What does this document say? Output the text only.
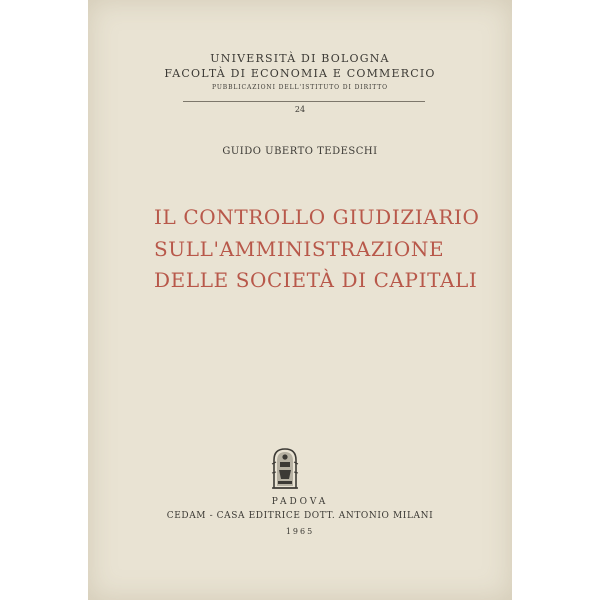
UNIVERSITÀ DI BOLOGNA
FACOLTÀ DI ECONOMIA E COMMERCIO
PUBBLICAZIONI DELL'ISTITUTO DI DIRITTO
24
GUIDO UBERTO TEDESCHI
IL CONTROLLO GIUDIZIARIO
SULL'AMMINISTRAZIONE
DELLE SOCIETÀ DI CAPITALI
PADOVA
CEDAM - CASA EDITRICE DOTT. ANTONIO MILANI
1965
